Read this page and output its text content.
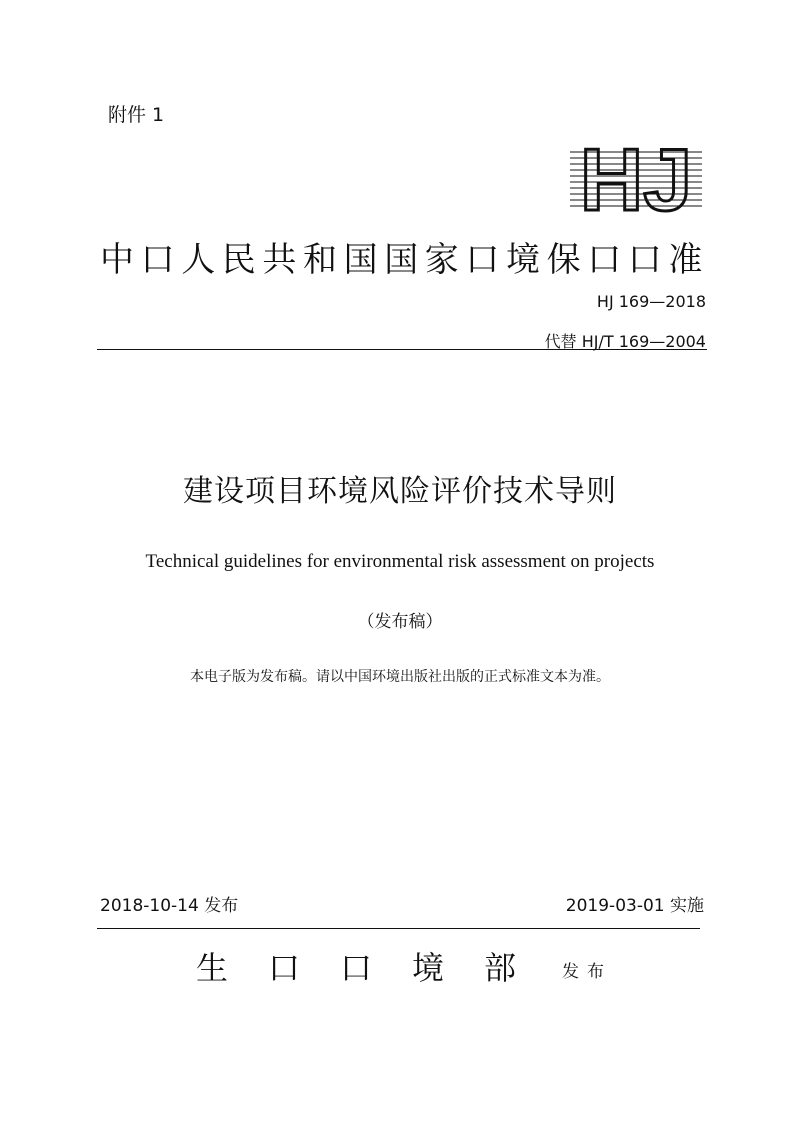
附件 1
HJ
中口人民共和国国家口境保口口准
HJ 169—2018
代替 HJ/T 169—2004
建设项目环境风险评价技术导则
Technical guidelines for environmental risk assessment on projects
（发布稿）
本电子版为发布稿。请以中国环境出版社出版的正式标准文本为准。
2018-10-14 发布	2019-03-01 实施
生口口境部 发布
